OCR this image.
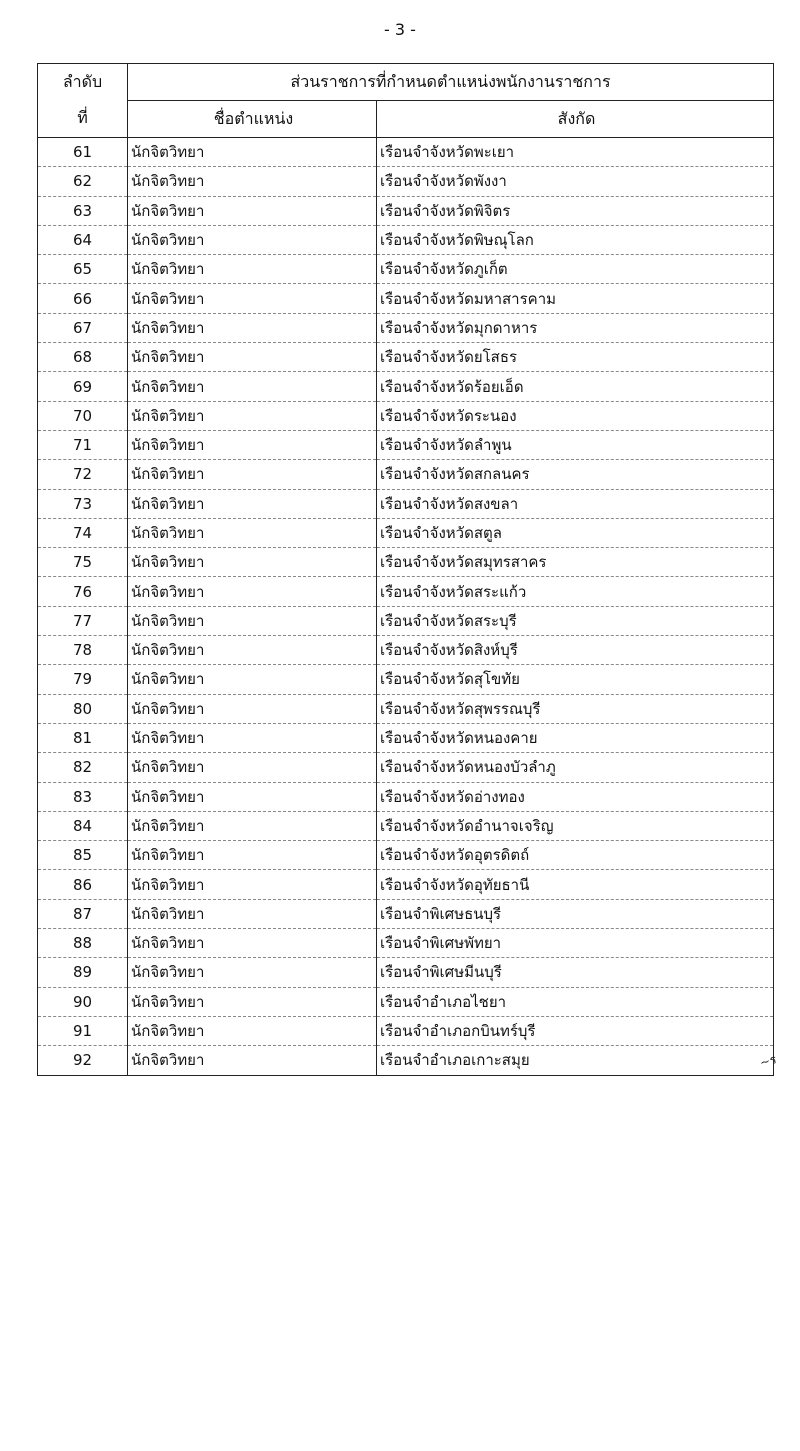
- 3 -
ลำดับ	ส่วนราชการที่กำหนดตำแหน่งพนักงานราชการ	
ที่	ชื่อตำแหน่ง	สังกัด
61	นักจิตวิทยา	เรือนจำจังหวัดพะเยา
62	นักจิตวิทยา	เรือนจำจังหวัดพังงา
63	นักจิตวิทยา	เรือนจำจังหวัดพิจิตร
64	นักจิตวิทยา	เรือนจำจังหวัดพิษณุโลก
65	นักจิตวิทยา	เรือนจำจังหวัดภูเก็ต
66	นักจิตวิทยา	เรือนจำจังหวัดมหาสารคาม
67	นักจิตวิทยา	เรือนจำจังหวัดมุกดาหาร
68	นักจิตวิทยา	เรือนจำจังหวัดยโสธร
69	นักจิตวิทยา	เรือนจำจังหวัดร้อยเอ็ด
70	นักจิตวิทยา	เรือนจำจังหวัดระนอง
71	นักจิตวิทยา	เรือนจำจังหวัดลำพูน
72	นักจิตวิทยา	เรือนจำจังหวัดสกลนคร
73	นักจิตวิทยา	เรือนจำจังหวัดสงขลา
74	นักจิตวิทยา	เรือนจำจังหวัดสตูล
75	นักจิตวิทยา	เรือนจำจังหวัดสมุทรสาคร
76	นักจิตวิทยา	เรือนจำจังหวัดสระแก้ว
77	นักจิตวิทยา	เรือนจำจังหวัดสระบุรี
78	นักจิตวิทยา	เรือนจำจังหวัดสิงห์บุรี
79	นักจิตวิทยา	เรือนจำจังหวัดสุโขทัย
80	นักจิตวิทยา	เรือนจำจังหวัดสุพรรณบุรี
81	นักจิตวิทยา	เรือนจำจังหวัดหนองคาย
82	นักจิตวิทยา	เรือนจำจังหวัดหนองบัวลำภู
83	นักจิตวิทยา	เรือนจำจังหวัดอ่างทอง
84	นักจิตวิทยา	เรือนจำจังหวัดอำนาจเจริญ
85	นักจิตวิทยา	เรือนจำจังหวัดอุตรดิตถ์
86	นักจิตวิทยา	เรือนจำจังหวัดอุทัยธานี
87	นักจิตวิทยา	เรือนจำพิเศษธนบุรี
88	นักจิตวิทยา	เรือนจำพิเศษพัทยา
89	นักจิตวิทยา	เรือนจำพิเศษมีนบุรี
90	นักจิตวิทยา	เรือนจำอำเภอไชยา
91	นักจิตวิทยา	เรือนจำอำเภอกบินทร์บุรี
92	นักจิตวิทยา	เรือนจำอำเภอเกาะสมุย	~ร
